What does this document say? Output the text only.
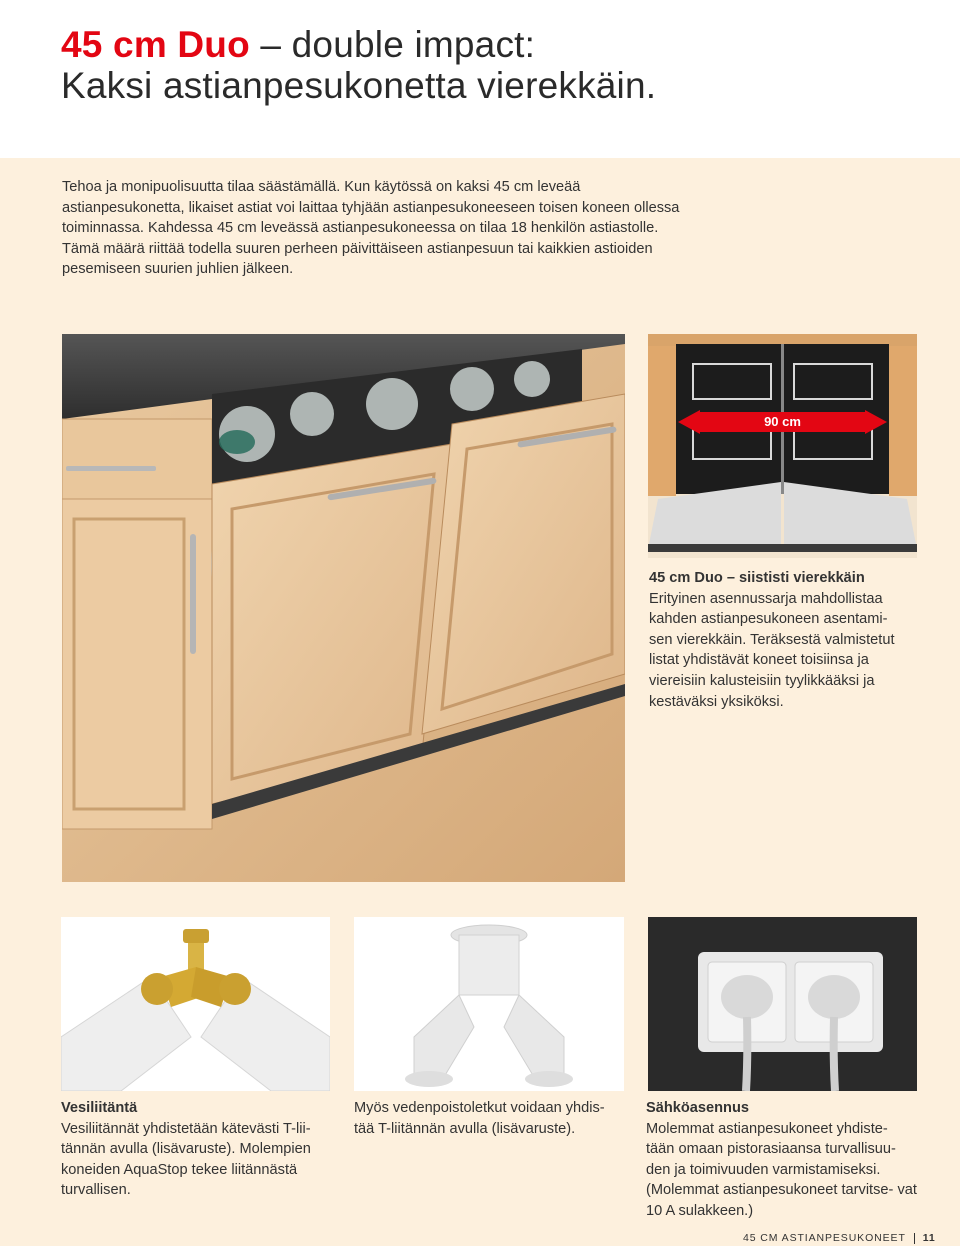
45 cm Duo – double impact:
Kaksi astianpesukonetta vierekkäin.

Tehoa ja monipuolisuutta tilaa säästämällä. Kun käytössä on kaksi 45 cm leveää astianpesukonetta, likaiset astiat voi laittaa tyhjään astianpesukoneeseen toisen koneen ollessa toiminnassa. Kahdessa 45 cm leveässä astianpesukoneessa on tilaa 18 henkilön astiastolle. Tämä määrä riittää todella suuren perheen päivittäiseen astianpesuun tai kaikkien astioiden pesemiseen suurien juhlien jälkeen.

90 cm
45 cm Duo – siististi vierekkäin
Erityinen asennussarja mahdollistaa kahden astianpesukoneen asentami- sen vierekkäin. Teräksestä valmistetut listat yhdistävät koneet toisiinsa ja viereisiin kalusteisiin tyylikkääksi ja kestäväksi yksiköksi.
Vesiliitäntä
Vesiliitännät yhdistetään kätevästi T-lii- tännän avulla (lisävaruste). Molempien koneiden AquaStop tekee liitännästä turvallisen.
Myös vedenpoistoletkut voidaan yhdis- tää T-liitännän avulla (lisävaruste).
Sähköasennus
Molemmat astianpesukoneet yhdiste- tään omaan pistorasiaansa turvallisuu- den ja toimivuuden varmistamiseksi. (Molemmat astianpesukoneet tarvitse- vat 10 A sulakkeen.)
45 CM ASTIANPESUKONEET 11
